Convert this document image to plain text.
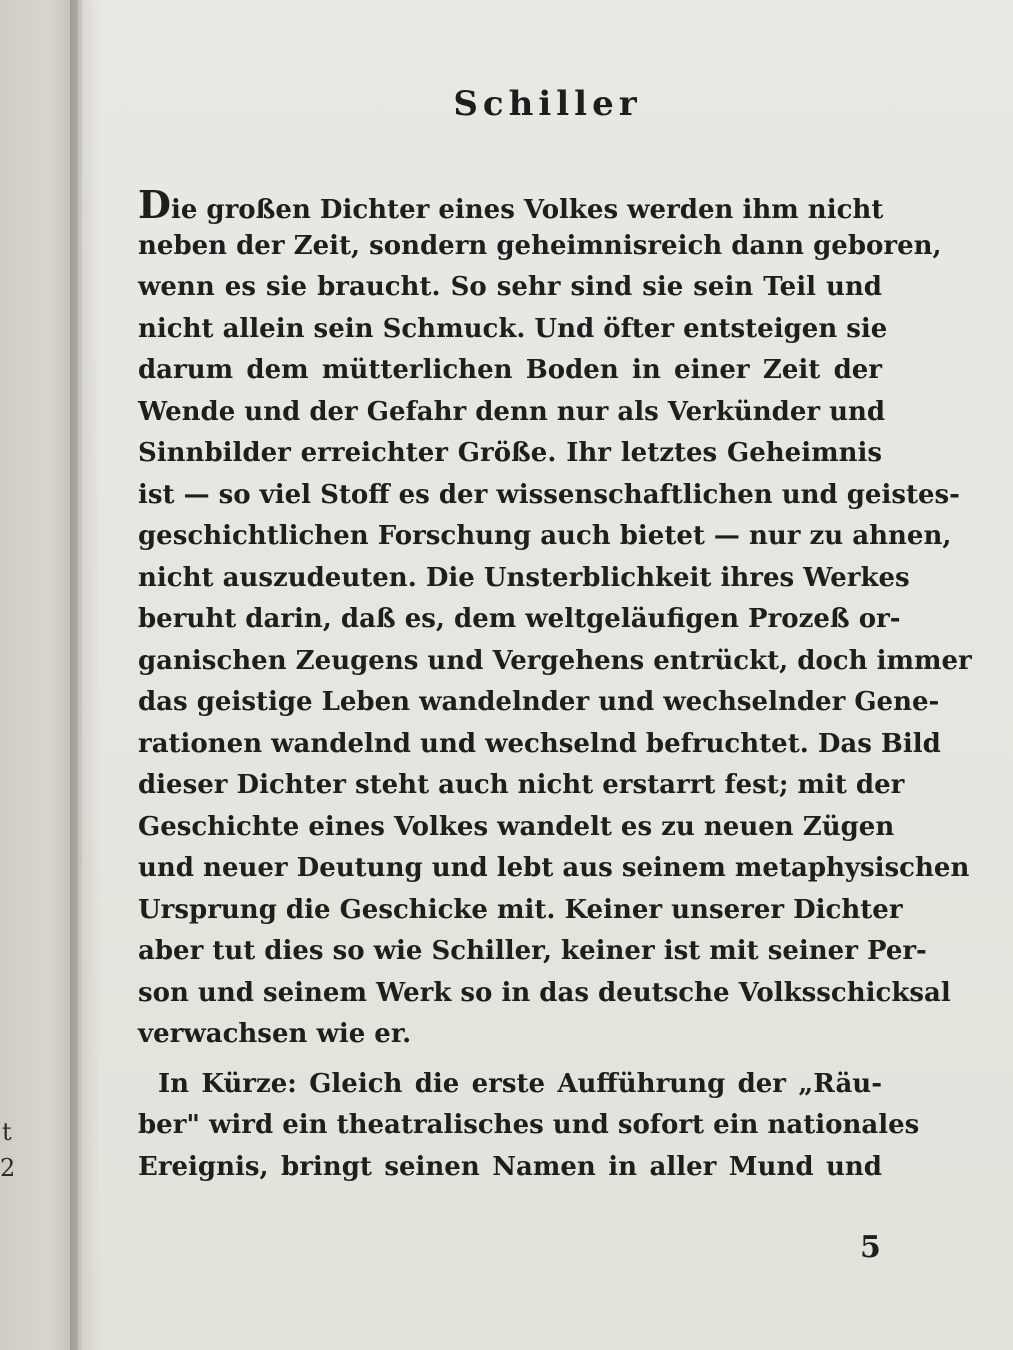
t
2
Schiller
Die großen Dichter eines Volkes werden ihm nicht
neben der Zeit, sondern geheimnisreich dann geboren,
wenn es sie braucht. So sehr sind sie sein Teil und
nicht allein sein Schmuck. Und öfter entsteigen sie
darum dem mütterlichen Boden in einer Zeit der
Wende und der Gefahr denn nur als Verkünder und
Sinnbilder erreichter Größe. Ihr letztes Geheimnis
ist — so viel Stoff es der wissenschaftlichen und geistes-
geschichtlichen Forschung auch bietet — nur zu ahnen,
nicht auszudeuten. Die Unsterblichkeit ihres Werkes
beruht darin, daß es, dem weltgeläufigen Prozeß or-
ganischen Zeugens und Vergehens entrückt, doch immer
das geistige Leben wandelnder und wechselnder Gene-
rationen wandelnd und wechselnd befruchtet. Das Bild
dieser Dichter steht auch nicht erstarrt fest; mit der
Geschichte eines Volkes wandelt es zu neuen Zügen
und neuer Deutung und lebt aus seinem metaphysischen
Ursprung die Geschicke mit. Keiner unserer Dichter
aber tut dies so wie Schiller, keiner ist mit seiner Per-
son und seinem Werk so in das deutsche Volksschicksal
verwachsen wie er.
In Kürze: Gleich die erste Aufführung der „Räu-
ber" wird ein theatralisches und sofort ein nationales
Ereignis, bringt seinen Namen in aller Mund und
5
